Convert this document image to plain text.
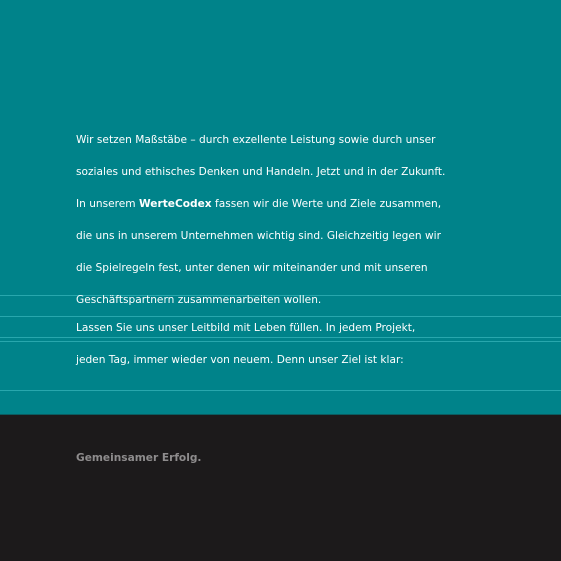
Wir setzen Maßstäbe – durch exzellente Leistung sowie durch unser
soziales und ethisches Denken und Handeln. Jetzt und in der Zukunft.
In unserem WerteCodex fassen wir die Werte und Ziele zusammen,
die uns in unserem Unternehmen wichtig sind. Gleichzeitig legen wir
die Spielregeln fest, unter denen wir miteinander und mit unseren
Geschäftspartnern zusammenarbeiten wollen.
Lassen Sie uns unser Leitbild mit Leben füllen. In jedem Projekt,
jeden Tag, immer wieder von neuem. Denn unser Ziel ist klar:
Gemeinsamer Erfolg.
